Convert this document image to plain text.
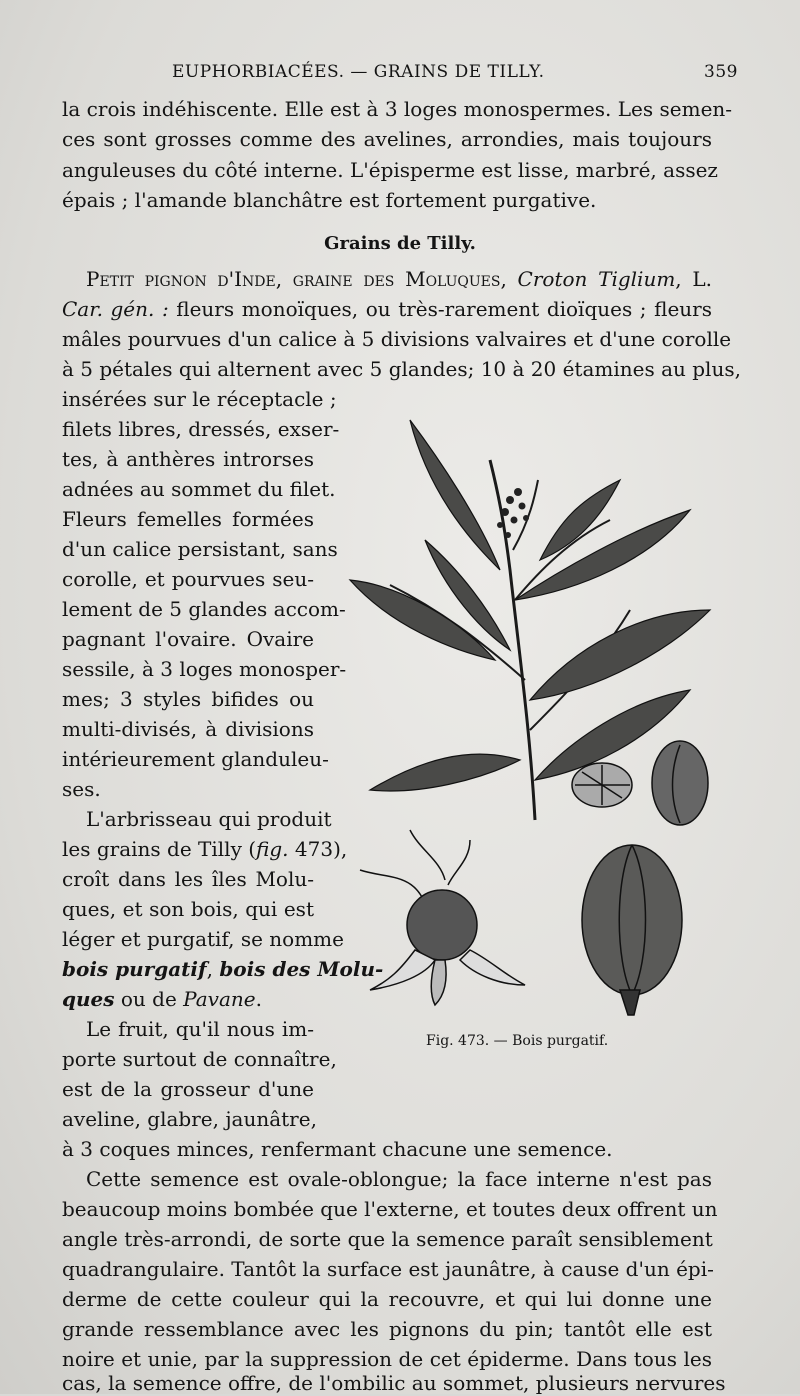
EUPHORBIACÉES. — GRAINS DE TILLY.	359
la crois indéhiscente. Elle est à 3 loges monospermes. Les semen-
ces sont grosses comme des avelines, arrondies, mais toujours
anguleuses du côté interne. L'épisperme est lisse, marbré, assez
épais ; l'amande blanchâtre est fortement purgative.
Grains de Tilly.
Petit pignon d'Inde, graine des Moluques, Croton Tiglium, L.
Car. gén. : fleurs monoïques, ou très-rarement dioïques ; fleurs
mâles pourvues d'un calice à 5 divisions valvaires et d'une corolle
à 5 pétales qui alternent avec 5 glandes; 10 à 20 étamines au plus,
insérées sur le réceptacle ;
filets libres, dressés, exser-
tes, à anthères introrses
adnées au sommet du filet.
Fleurs femelles formées
d'un calice persistant, sans
corolle, et pourvues seu-
lement de 5 glandes accom-
pagnant l'ovaire. Ovaire
sessile, à 3 loges monosper-
mes; 3 styles bifides ou
multi-divisés, à divisions
intérieurement glanduleu-
ses.
L'arbrisseau qui produit
les grains de Tilly (fig. 473),
croît dans les îles Molu-
ques, et son bois, qui est
léger et purgatif, se nomme
bois purgatif, bois des Molu-
ques ou de Pavane.
Le fruit, qu'il nous im-
porte surtout de connaître,
est de la grosseur d'une
aveline, glabre, jaunâtre,
à 3 coques minces, renfermant chacune une semence.
Cette semence est ovale-oblongue; la face interne n'est pas
beaucoup moins bombée que l'externe, et toutes deux offrent un
angle très-arrondi, de sorte que la semence paraît sensiblement
quadrangulaire. Tantôt la surface est jaunâtre, à cause d'un épi-
derme de cette couleur qui la recouvre, et qui lui donne une
grande ressemblance avec les pignons du pin; tantôt elle est
noire et unie, par la suppression de cet épiderme. Dans tous les
cas, la semence offre, de l'ombilic au sommet, plusieurs nervures
Fig. 473. — Bois purgatif.
